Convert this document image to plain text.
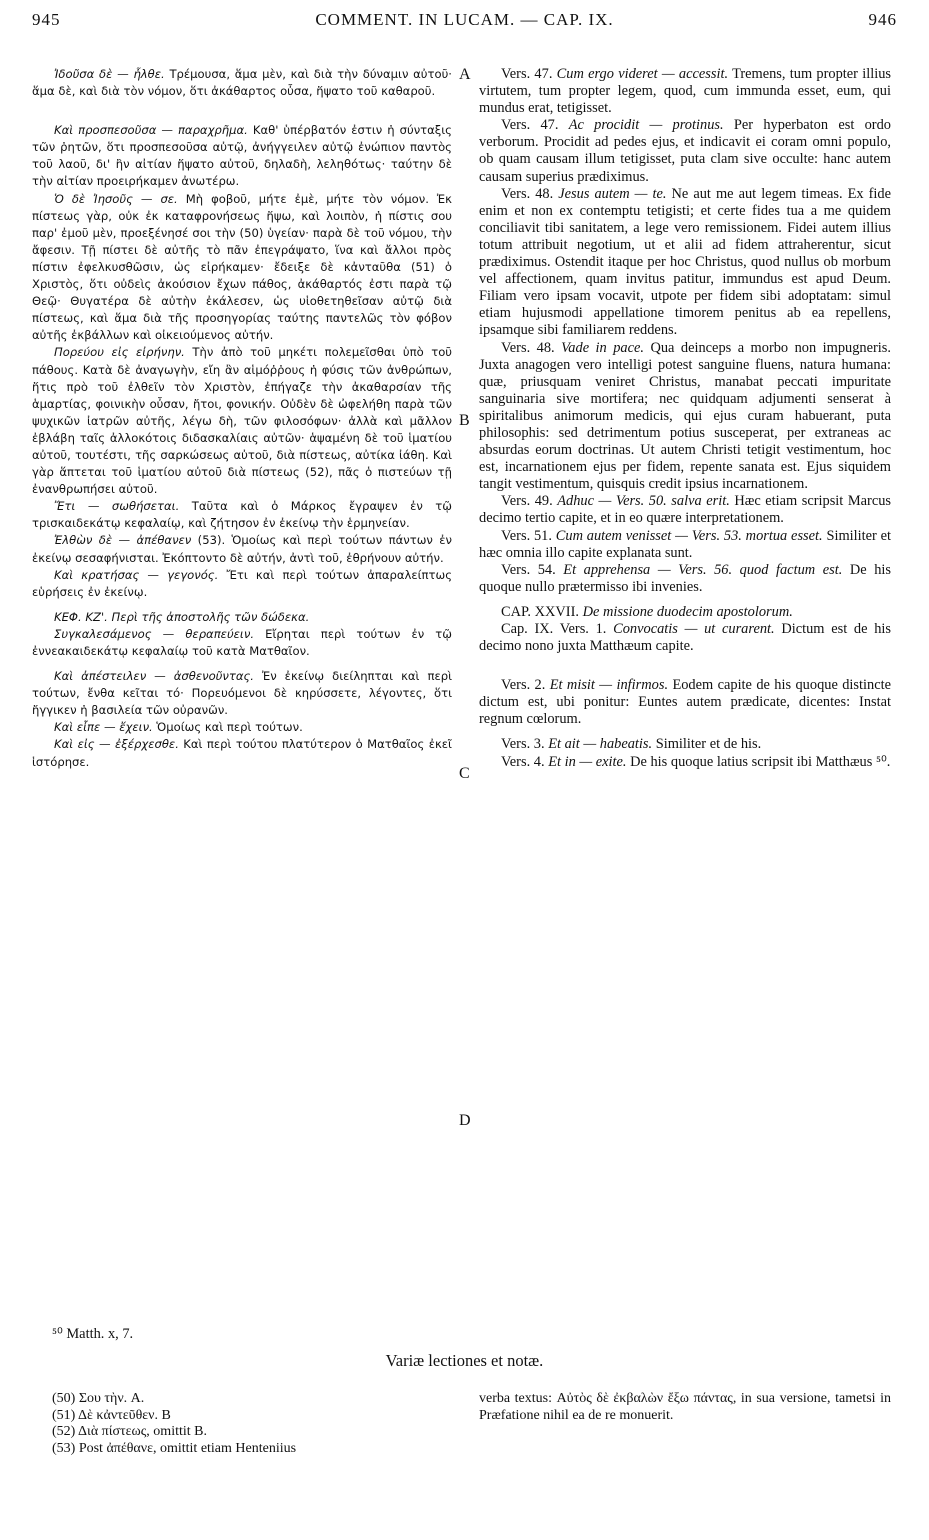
945	COMMENT. IN LUCAM. — CAP. IX.	946

Ἰδοῦσα δὲ — ἦλθε. Τρέμουσα, ἅμα μὲν, καὶ διὰ τὴν δύναμιν αὐτοῦ· ἅμα δὲ, καὶ διὰ τὸν νόμον, ὅτι ἀκάθαρτος οὖσα, ἥψατο τοῦ καθαροῦ.

Καὶ προσπεσοῦσα — παραχρῆμα. Καθ' ὑπέρβατόν ἐστιν ἡ σύνταξις τῶν ῥητῶν, ὅτι προσπεσοῦσα αὐτῷ, ἀνήγγειλεν αὐτῷ ἐνώπιον παντὸς τοῦ λαοῦ, δι' ἣν αἰτίαν ἥψατο αὐτοῦ, δηλαδὴ, λεληθότως· ταύτην δὲ τὴν αἰτίαν προειρήκαμεν ἀνωτέρω.

Ὁ δὲ Ἰησοῦς — σε. Μὴ φοβοῦ, μήτε ἐμὲ, μήτε τὸν νόμον. Ἐκ πίστεως γὰρ, οὐκ ἐκ καταφρονήσεως ἥψω, καὶ λοιπὸν, ἡ πίστις σου παρ' ἐμοῦ μὲν, προεξένησέ σοι τὴν (50) ὑγείαν· παρὰ δὲ τοῦ νόμου, τὴν ἄφεσιν. Τῇ πίστει δὲ αὐτῆς τὸ πᾶν ἐπεγράψατο, ἵνα καὶ ἄλλοι πρὸς πίστιν ἐφελκυσθῶσιν, ὡς εἰρήκαμεν· ἔδειξε δὲ κἀνταῦθα (51) ὁ Χριστὸς, ὅτι οὐδεὶς ἀκούσιον ἔχων πάθος, ἀκάθαρτός ἐστι παρὰ τῷ Θεῷ· Θυγατέρα δὲ αὐτὴν ἐκάλεσεν, ὡς υἱοθετηθεῖσαν αὐτῷ διὰ πίστεως, καὶ ἅμα διὰ τῆς προσηγορίας ταύτης παντελῶς τὸν φόβον αὐτῆς ἐκβάλλων καὶ οἰκειούμενος αὐτήν.

Πορεύου εἰς εἰρήνην. Τὴν ἀπὸ τοῦ μηκέτι πολεμεῖσθαι ὑπὸ τοῦ πάθους. Κατὰ δὲ ἀναγωγὴν, εἴη ἂν αἱμόῤῥους ἡ φύσις τῶν ἀνθρώπων, ἥτις πρὸ τοῦ ἐλθεῖν τὸν Χριστὸν, ἐπήγαζε τὴν ἀκαθαρσίαν τῆς ἁμαρτίας, φοινικὴν οὖσαν, ἤτοι, φονικήν. Οὐδὲν δὲ ὠφελήθη παρὰ τῶν ψυχικῶν ἰατρῶν αὐτῆς, λέγω δὴ, τῶν φιλοσόφων· ἀλλὰ καὶ μᾶλλον ἐβλάβη ταῖς ἀλλοκότοις διδασκαλίαις αὐτῶν· ἁψαμένη δὲ τοῦ ἱματίου αὐτοῦ, τουτέστι, τῆς σαρκώσεως αὐτοῦ, διὰ πίστεως, αὐτίκα ἰάθη. Καὶ γὰρ ἅπτεται τοῦ ἱματίου αὐτοῦ διὰ πίστεως (52), πᾶς ὁ πιστεύων τῇ ἐνανθρωπήσει αὐτοῦ.

Ἔτι — σωθήσεται. Ταῦτα καὶ ὁ Μάρκος ἔγραψεν ἐν τῷ τρισκαιδεκάτῳ κεφαλαίῳ, καὶ ζήτησον ἐν ἐκείνῳ τὴν ἑρμηνείαν.

Ἐλθὼν δὲ — ἀπέθανεν (53). Ὁμοίως καὶ περὶ τούτων πάντων ἐν ἐκείνῳ σεσαφήνισται. Ἐκόπτοντο δὲ αὐτήν, ἀντὶ τοῦ, ἐθρήνουν αὐτήν.

Καὶ κρατήσας — γεγονός. Ἔτι καὶ περὶ τούτων ἀπαραλείπτως εὑρήσεις ἐν ἐκείνῳ.

ΚΕΦ. ΚΖ'. Περὶ τῆς ἀποστολῆς τῶν δώδεκα.

Συγκαλεσάμενος — θεραπεύειν. Εἴρηται περὶ τούτων ἐν τῷ ἐννεακαιδεκάτῳ κεφαλαίῳ τοῦ κατὰ Ματθαῖον.

Καὶ ἀπέστειλεν — ἀσθενοῦντας. Ἐν ἐκείνῳ διείληπται καὶ περὶ τούτων, ἔνθα κεῖται τό· Πορευόμενοι δὲ κηρύσσετε, λέγοντες, ὅτι ἤγγικεν ἡ βασιλεία τῶν οὐρανῶν.

Καὶ εἶπε — ἔχειν. Ὁμοίως καὶ περὶ τούτων.

Καὶ εἰς — ἐξέρχεσθε. Καὶ περὶ τούτου πλατύτερον ὁ Ματθαῖος ἐκεῖ ἱστόρησε.

Vers. 47. Cum ergo videret — accessit. Tremens, tum propter illius virtutem, tum propter legem, quod, cum immunda esset, eum, qui mundus erat, tetigisset.

Vers. 47. Ac procidit — protinus. Per hyperbaton est ordo verborum. Procidit ad pedes ejus, et indicavit ei coram omni populo, ob quam causam illum tetigisset, puta clam sive occulte: hanc autem causam superius prædiximus.

Vers. 48. Jesus autem — te. Ne aut me aut legem timeas. Ex fide enim et non ex contemptu tetigisti; et certe fides tua a me quidem conciliavit tibi sanitatem, a lege vero remissionem. Fidei autem illius totum attribuit negotium, ut et alii ad fidem attraherentur, sicut prædiximus. Ostendit itaque per hoc Christus, quod nullus ob morbum vel affectionem, quam invitus patitur, immundus est apud Deum. Filiam vero ipsam vocavit, utpote per fidem sibi adoptatam: simul etiam hujusmodi appellatione timorem penitus ab ea repellens, ipsamque sibi familiarem reddens.

Vers. 48. Vade in pace. Qua deinceps a morbo non impugneris. Juxta anagogen vero intelligi potest sanguine fluens, natura humana: quæ, priusquam veniret Christus, manabat peccati impuritate sanguinaria sive mortifera; nec quidquam adjumenti senserat à spiritalibus animorum medicis, qui ejus curam habuerant, puta philosophis: sed detrimentum potius susceperat, per extraneas ac absurdas eorum doctrinas. Ut autem Christi tetigit vestimentum, hoc est, incarnationem ejus per fidem, repente sanata est. Ejus siquidem tangit vestimentum, quisquis credit ipsius incarnationem.

Vers. 49. Adhuc — Vers. 50. salva erit. Hæc etiam scripsit Marcus decimo tertio capite, et in eo quære interpretationem.

Vers. 51. Cum autem venisset — Vers. 53. mortua esset. Similiter et hæc omnia illo capite explanata sunt.

Vers. 54. Et apprehensa — Vers. 56. quod factum est. De his quoque nullo prætermisso ibi invenies.

CAP. XXVII. De missione duodecim apostolorum.

Cap. IX. Vers. 1. Convocatis — ut curarent. Dictum est de his decimo nono juxta Matthæum capite.

Vers. 2. Et misit — infirmos. Eodem capite de his quoque distincte dictum est, ubi ponitur: Euntes autem prædicate, dicentes: Instat regnum cœlorum.

Vers. 3. Et ait — habeatis. Similiter et de his.

Vers. 4. Et in — exite. De his quoque latius scripsit ibi Matthæus ⁵⁰.

A
B
C
D
⁵⁰ Matth. x, 7.
Variæ lectiones et notæ.
(50) Σου τὴν. A.
(51) Δὲ κἀντεῦθεν. B
(52) Διὰ πίστεως, omittit B.
(53) Post ἀπέθανε, omittit etiam Henteniius
verba textus: Αὐτὸς δὲ ἐκβαλὼν ἔξω πάντας, in sua versione, tametsi in Præfatione nihil ea de re monuerit.
